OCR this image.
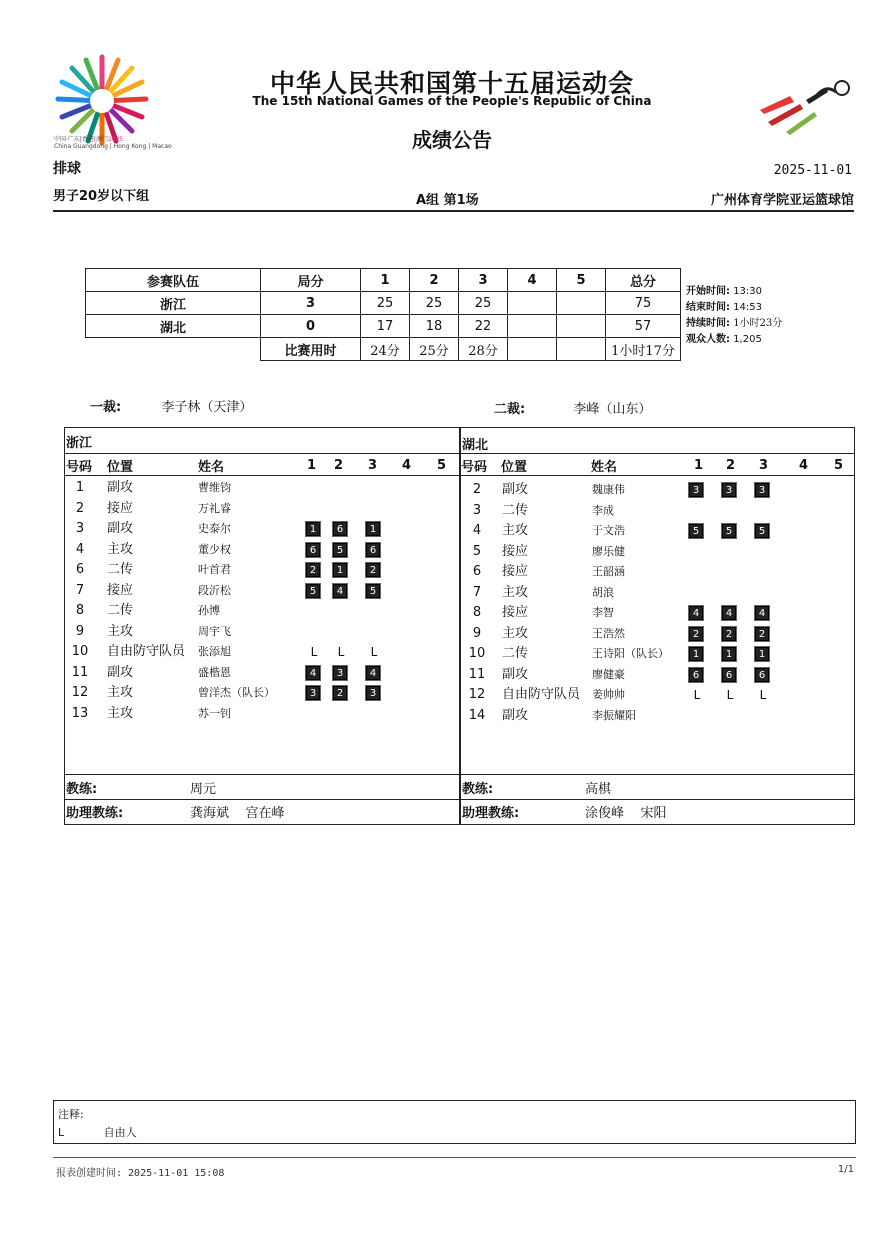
中国·广东|香港|澳门2025
China Guangdong | Hong Kong | Macao
中华人民共和国第十五届运动会
The 15th National Games of the People's Republic of China
成绩公告
排球	2025-11-01
男子20岁以下组	A组 第1场	广州体育学院亚运篮球馆
参赛队伍	局分	1	2	3	4	5	总分
浙江	3	25	25	25			75
湖北	0	17	18	22			57
	比赛用时	24分	25分	28分			1小时17分
开始时间: 13:30
结束时间: 14:53
持续时间: 1小时23分
观众人数: 1,205
一裁:	李子林（天津）	二裁:	李峰（山东）
浙江	湖北
号码 位置	姓名	1 2 3 4 5 号码 位置	姓名	1 2 3 4 5
1	副攻	曹维钧
2	接应	万礼睿
3	副攻	史泰尔	1	6	1
4	主攻	董少权	6	5	6
6	二传	叶首君	2	1	2
7	接应	段沂松	5	4	5
8	二传	孙博
9	主攻	周宇飞
10 自由防守队员 张添旭	L	L	L
11 副攻	盛楷恩	4	3	4
12 主攻	曾洋杰（队长）	3	2	3
13 主攻	苏一钊
2	副攻	魏康伟	3	3	3
3	二传	李成
4	主攻	于文浩	5	5	5
5	接应	廖乐健
6	接应	王韶涵
7	主攻	胡浪
8	接应	李智	4	4	4
9	主攻	王浩然	2	2	2
10 二传	王诗阳（队长）	1	1	1
11 副攻	廖健豪	6	6	6
12 自由防守队员 姜帅帅	L	L	L
14 副攻	李振耀阳
教练:	周元
助理教练:	龚海斌    宫在峰
教练:	高棋
助理教练:	涂俊峰    宋阳
注释:
L	自由人
报表创建时间: 2025-11-01 15:08	1/1
